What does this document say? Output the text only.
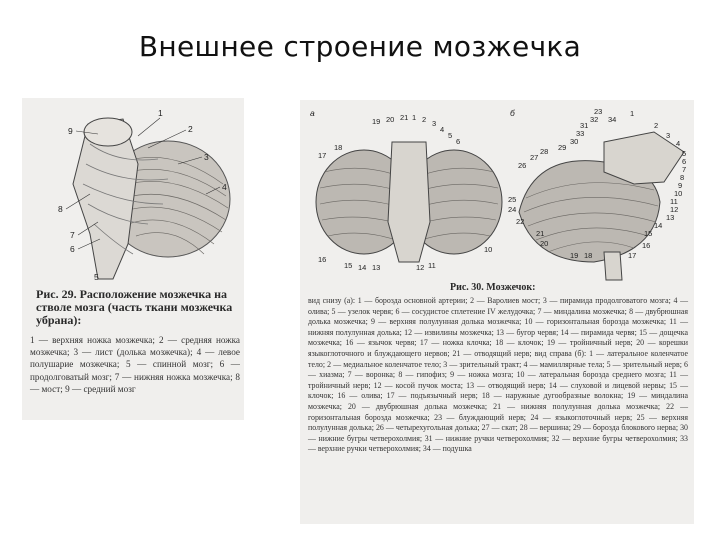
Внешнее строение мозжечка
9
1
2
3
4
8
7
6
5
Рис. 29. Расположение мозжечка на стволе мозга (часть ткани мозжечка убрана):
1 — верхняя ножка мозжечка; 2 — средняя ножка мозжечка; 3 — лист (долька мозжечка); 4 — левое полушарие мозжечка; 5 — спинной мозг; 6 — продолговатый мозг; 7 — нижняя ножка мозжечка; 8 — мост; 9 — средний мозг
а	б
19 20 21 1 2 3
4
5
6
18
17
16
15 14 13	12 11
10
23
32 34
31
1
33
30
29
28
27
26
25
24
22
21
20
19 18	17
16
15
14
13
12
11
10
9
8
7
6
5
4
3
2
Рис. 30. Мозжечок:
вид снизу (а): 1 — борозда основной артерии; 2 — Варолиев мост; 3 — пирамида продолговатого мозга; 4 — олива; 5 — узелок червя; 6 — сосудистое сплетение IV желудочка; 7 — миндалина мозжечка; 8 — двубрюшная долька мозжечка; 9 — верхняя полулунная долька мозжечка; 10 — горизонтальная борозда мозжечка; 11 — нижняя полулунная долька; 12 — извилины мозжечка; 13 — бугор червя; 14 — пирамида червя; 15 — дощечка мозжечка; 16 — язычок червя; 17 — ножка клочка; 18 — клочок; 19 — тройничный нерв; 20 — корешки языкоглоточного и блуждающего нервов; 21 — отводящий нерв; вид справа (б): 1 — латеральное коленчатое тело; 2 — медиальное коленчатое тело; 3 — зрительный тракт; 4 — мамиллярные тела; 5 — зрительный нерв; 6 — хиазма; 7 — воронка; 8 — гипофиз; 9 — ножка мозга; 10 — латеральная борозда среднего мозга; 11 — тройничный нерв; 12 — косой пучок моста; 13 — отводящий нерв; 14 — слуховой и лицевой нервы; 15 — клочок; 16 — олива; 17 — подъязычный нерв; 18 — наружные дугообразные волокна; 19 — миндалина мозжечка; 20 — двубрюшная долька мозжечка; 21 — нижняя полулунная долька мозжечка; 22 — горизонтальная борозда мозжечка; 23 — блуждающий нерв; 24 — языкоглоточный нерв; 25 — верхняя полулунная долька; 26 — четырехугольная долька; 27 — скат; 28 — вершина; 29 — борозда блокового нерва; 30 — нижние бугры четверохолмия; 31 — нижние ручки четверохолмия; 32 — верхние бугры четверохолмия; 33 — верхние ручки четверохолмия; 34 — подушка
